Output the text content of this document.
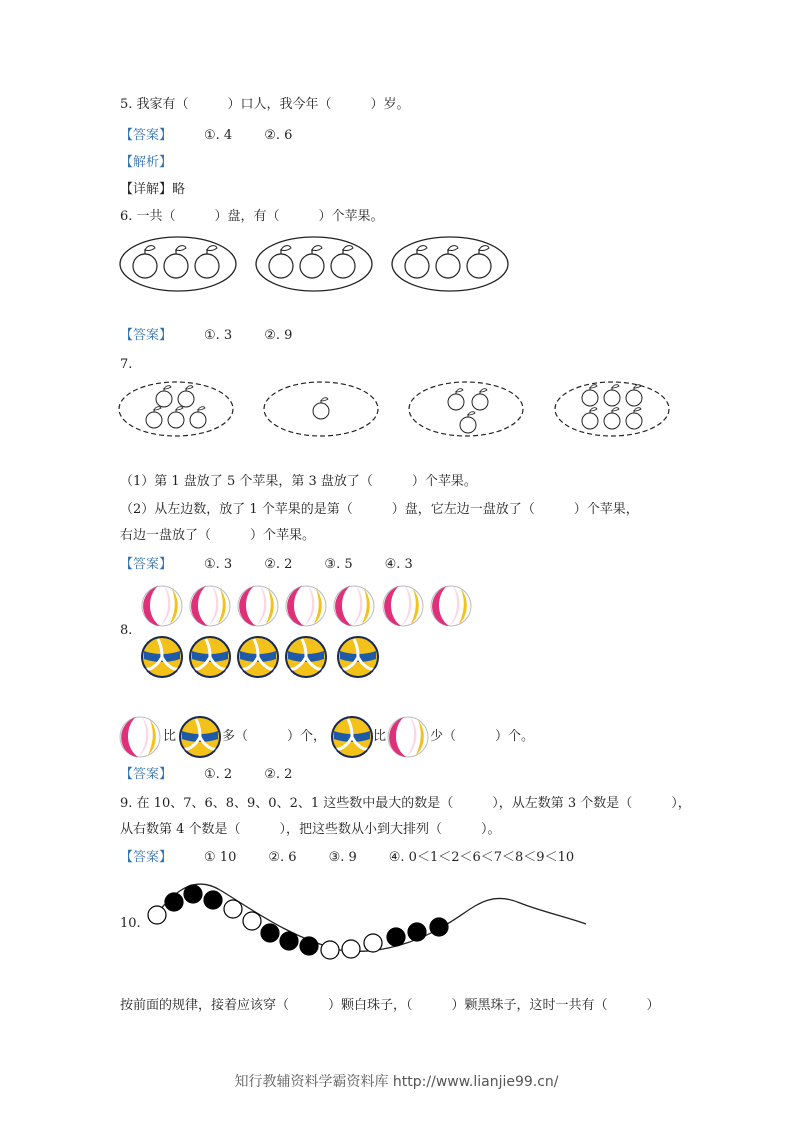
5. 我家有（　　　）口人，我今年（　　　）岁。
【答案】 ①. 4 ②. 6
【解析】
【详解】略
6. 一共（　　　）盘，有（　　　）个苹果。
【答案】 ①. 3 ②. 9
7.
（1）第 1 盘放了 5 个苹果，第 3 盘放了（　　　）个苹果。
（2）从左边数，放了 1 个苹果的是第（　　　）盘，它左边一盘放了（　　　）个苹果，
右边一盘放了（　　　）个苹果。
【答案】 ①. 3 ②. 2 ③. 5 ④. 3
8.
比	多（　　　）个，	比	少（　　　）个。
【答案】 ①. 2 ②. 2
9. 在 10、7、6、8、9、0、2、1 这些数中最大的数是（　　　），从左数第 3 个数是（　　　），
从右数第 4 个数是（　　　），把这些数从小到大排列（　　　）。
【答案】 ① 10 ②. 6 ③. 9 ④. 0＜1＜2＜6＜7＜8＜9＜10
10.
按前面的规律，接着应该穿（　　　）颗白珠子，（　　　）颗黑珠子，这时一共有（　　　）
知行教辅资料学霸资料库 http://www.lianjie99.cn/
